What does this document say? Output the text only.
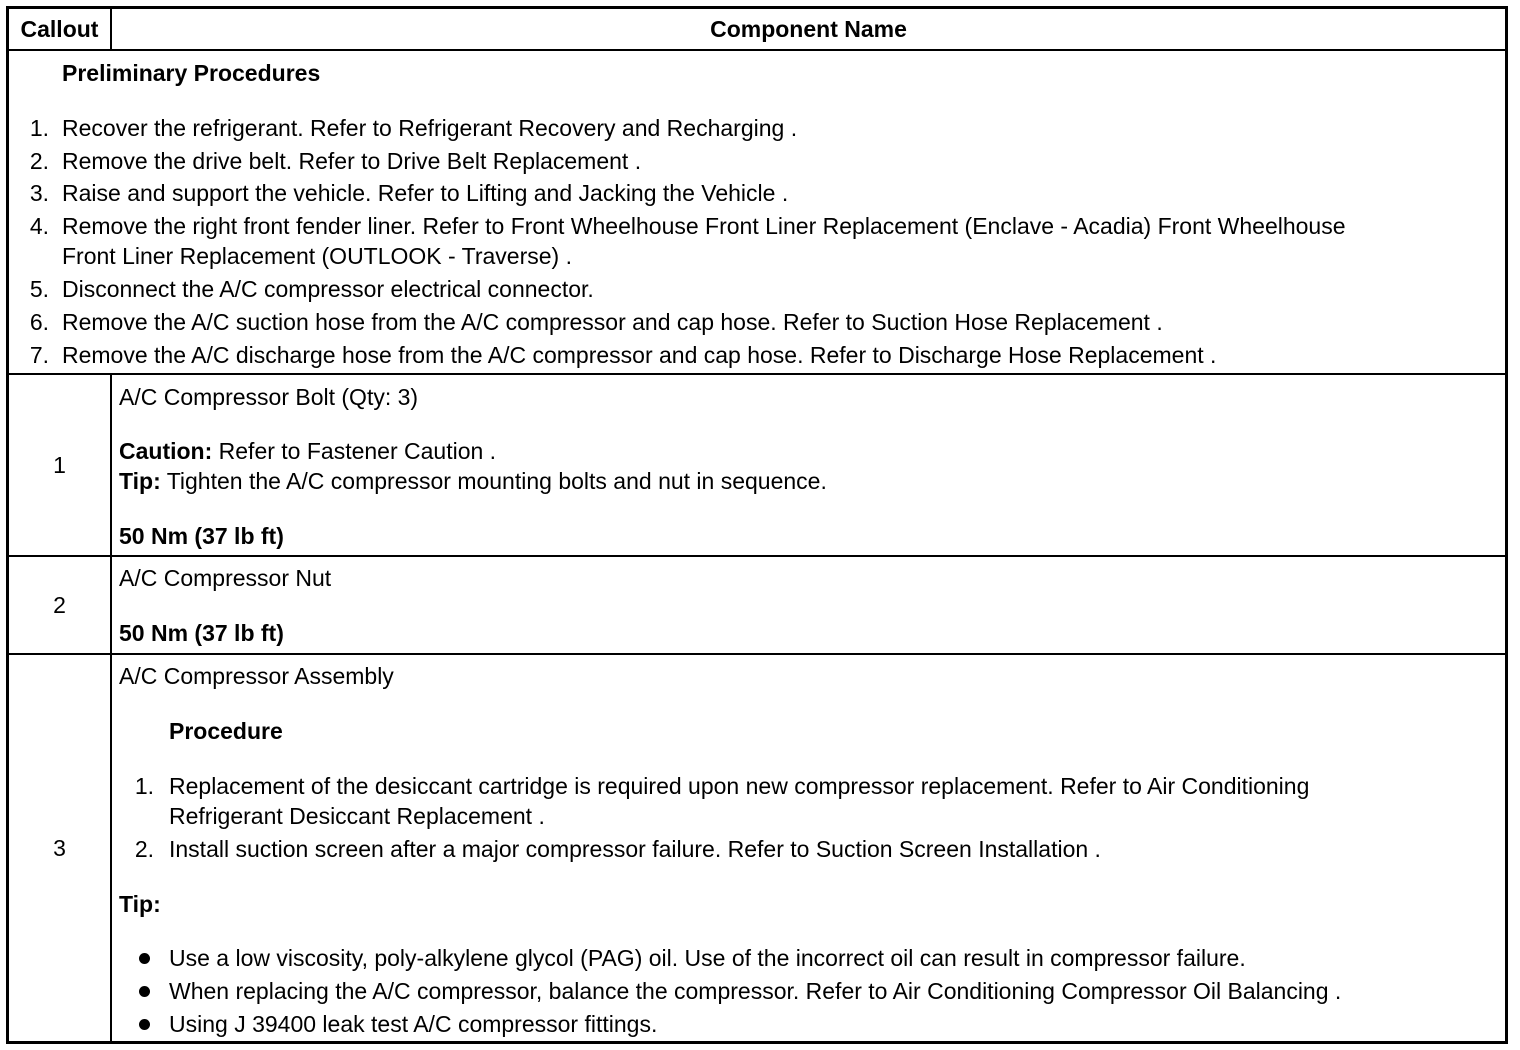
Callout	Component Name
Preliminary Procedures
1. Recover the refrigerant. Refer to Refrigerant Recovery and Recharging .
2. Remove the drive belt. Refer to Drive Belt Replacement .
3. Raise and support the vehicle. Refer to Lifting and Jacking the Vehicle .
4. Remove the right front fender liner. Refer to Front Wheelhouse Front Liner Replacement (Enclave - Acadia) Front Wheelhouse
Front Liner Replacement (OUTLOOK - Traverse) .
5. Disconnect the A/C compressor electrical connector.
6. Remove the A/C suction hose from the A/C compressor and cap hose. Refer to Suction Hose Replacement .
7. Remove the A/C discharge hose from the A/C compressor and cap hose. Refer to Discharge Hose Replacement .
1
A/C Compressor Bolt (Qty: 3)
Caution: Refer to Fastener Caution .
Tip: Tighten the A/C compressor mounting bolts and nut in sequence.
50 Nm (37 lb ft)
2
A/C Compressor Nut
50 Nm (37 lb ft)
3
A/C Compressor Assembly
Procedure
1. Replacement of the desiccant cartridge is required upon new compressor replacement. Refer to Air Conditioning
Refrigerant Desiccant Replacement .
2. Install suction screen after a major compressor failure. Refer to Suction Screen Installation .
Tip:
Use a low viscosity, poly-alkylene glycol (PAG) oil. Use of the incorrect oil can result in compressor failure.
When replacing the A/C compressor, balance the compressor. Refer to Air Conditioning Compressor Oil Balancing .
Using J 39400 leak test A/C compressor fittings.
